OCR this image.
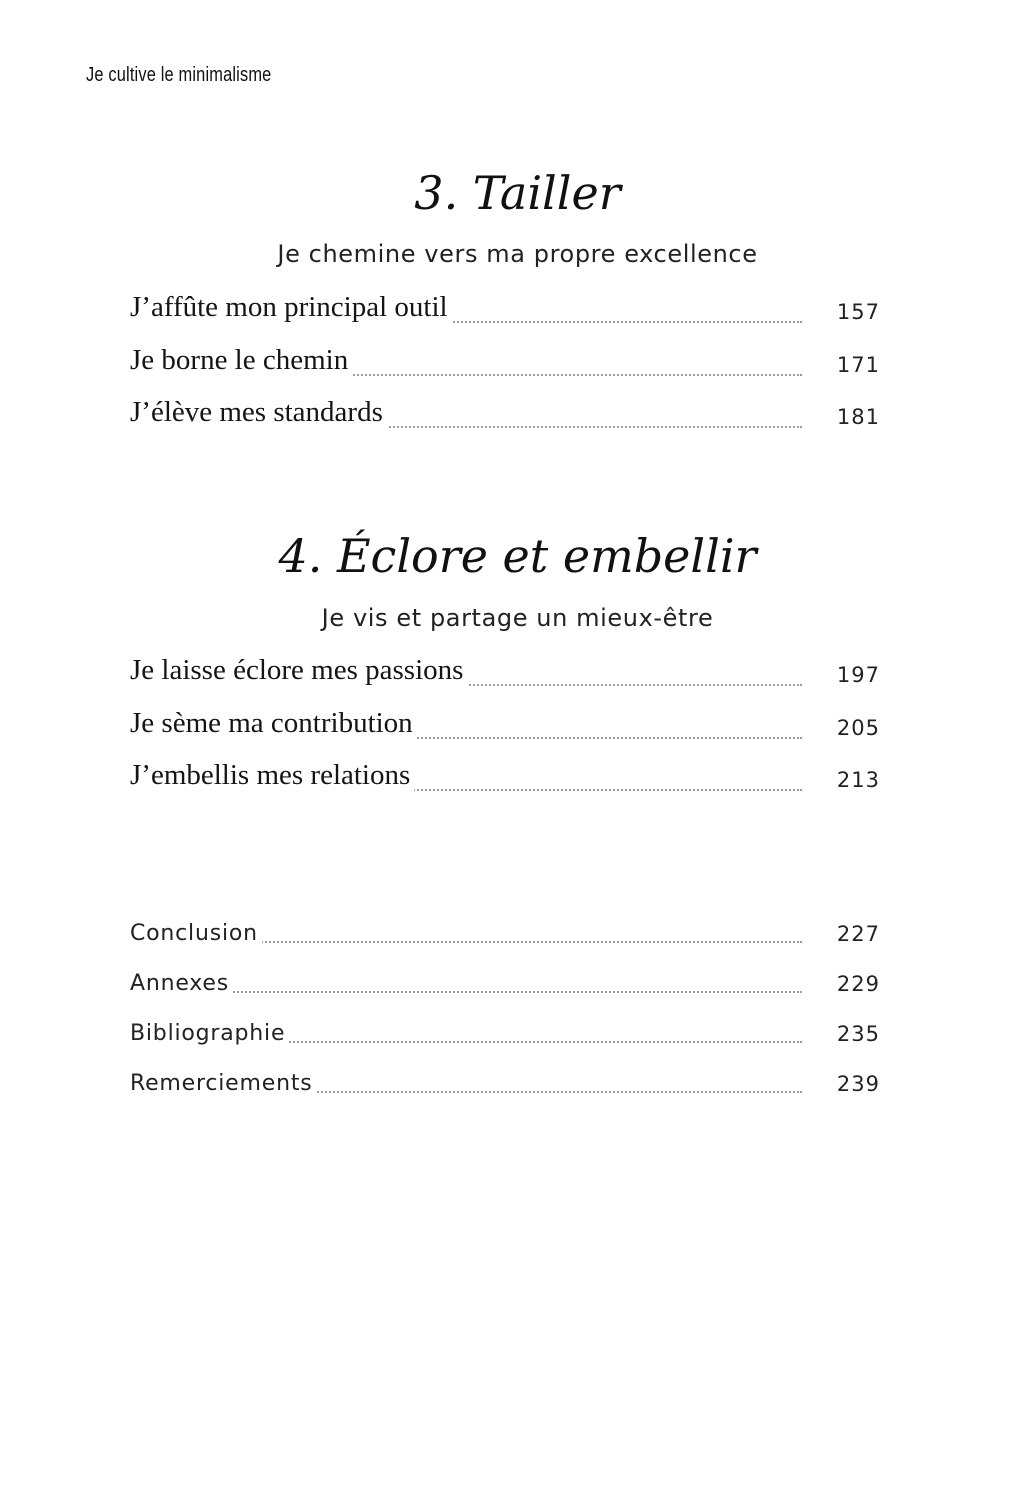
Je cultive le minimalisme
3. Tailler
Je chemine vers ma propre excellence
J’affûte mon principal outil	157
Je borne le chemin	171
J’élève mes standards	181
4. Éclore et embellir
Je vis et partage un mieux-être
Je laisse éclore mes passions	197
Je sème ma contribution	205
J’embellis mes relations	213
Conclusion	227
Annexes	229
Bibliographie	235
Remerciements	239
